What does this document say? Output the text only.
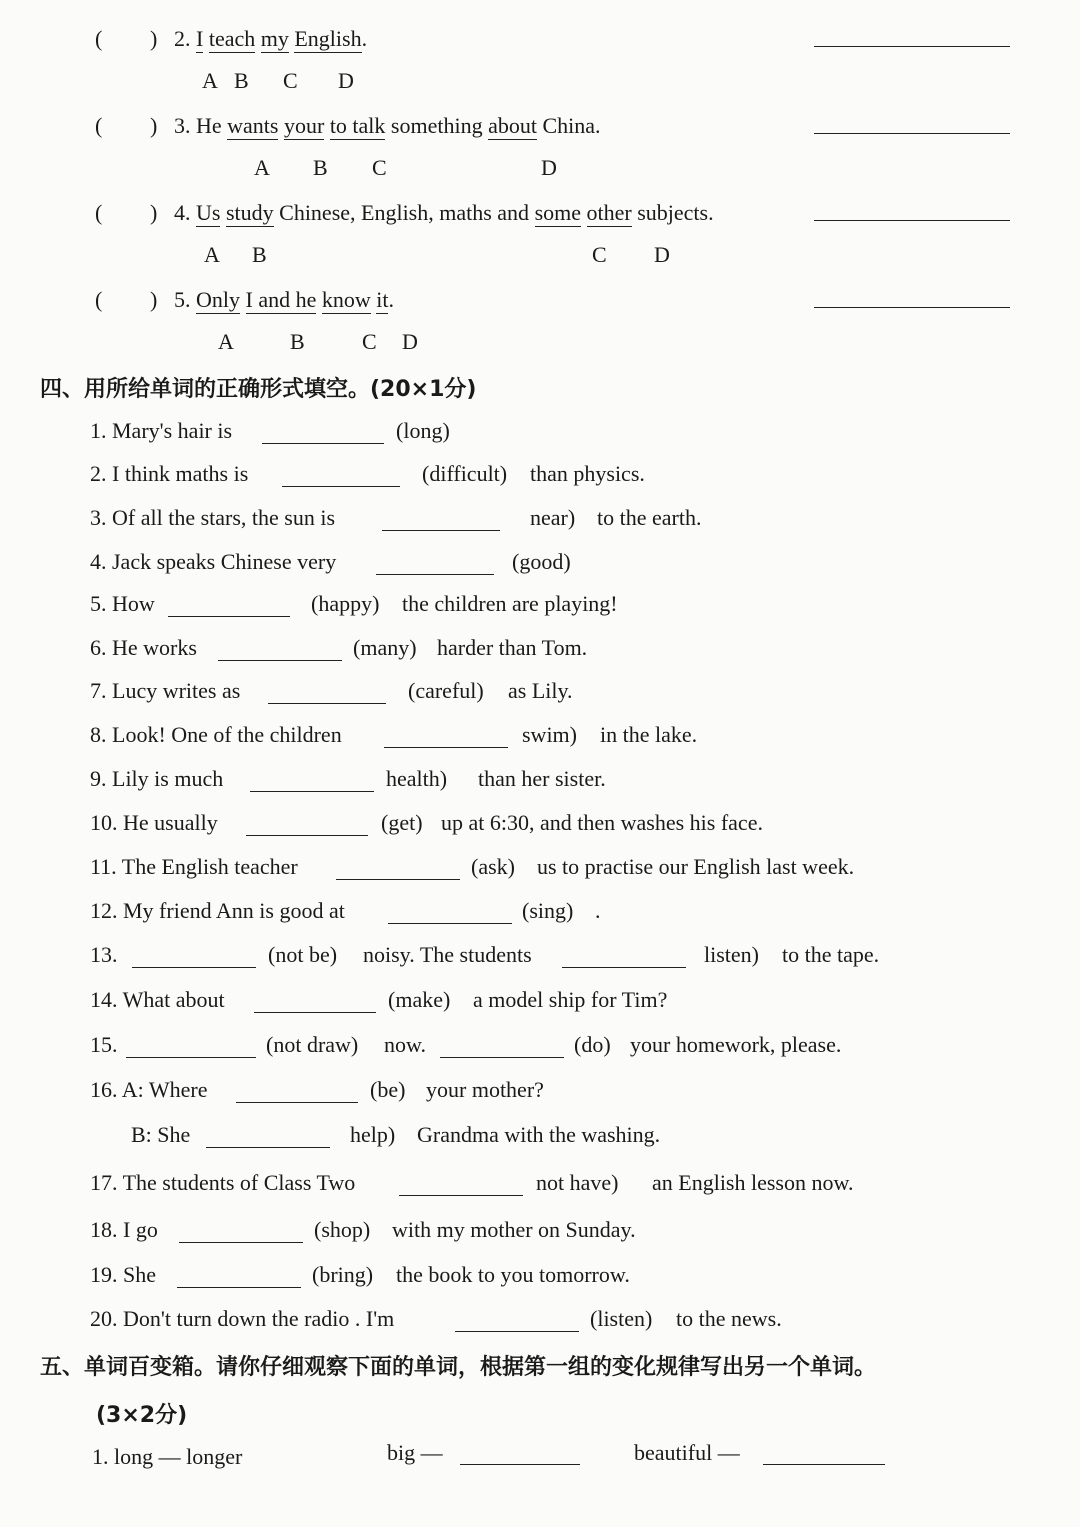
( ) 2. I teach my English.
A B C D
( ) 3. He wants your to talk something about China.
A B C	D
( ) 4. Us study Chinese, English, maths and some other subjects.
A B	C D
( ) 5. Only I and he know it.
A	B	C D
四、用所给单词的正确形式填空。(20×1分)
1. Mary's hair is	(long)
2. I think maths is	(difficult) than physics.
3. Of all the stars, the sun is	near) to the earth.
4. Jack speaks Chinese very	(good)
5. How	(happy) the children are playing!
6. He works	(many) harder than Tom.
7. Lucy writes as	(careful) as Lily.
8. Look! One of the children	swim) in the lake.
9. Lily is much	health) than her sister.
10. He usually	(get) up at 6:30, and then washes his face.
11. The English teacher	(ask) us to practise our English last week.
12. My friend Ann is good at	(sing) .
13.	(not be) noisy. The students	listen) to the tape.
14. What about	(make) a model ship for Tim?
15.	(not draw) now.	(do) your homework, please.
16. A: Where	(be) your mother?
B: She	help) Grandma with the washing.
17. The students of Class Two	not have) an English lesson now.
18. I go	(shop) with my mother on Sunday.
19. She	(bring) the book to you tomorrow.
20. Don't turn down the radio . I'm	(listen) to the news.
五、单词百变箱。请你仔细观察下面的单词，根据第一组的变化规律写出另一个单词。
(3×2分)
1. long — longer	big —	beautiful —
